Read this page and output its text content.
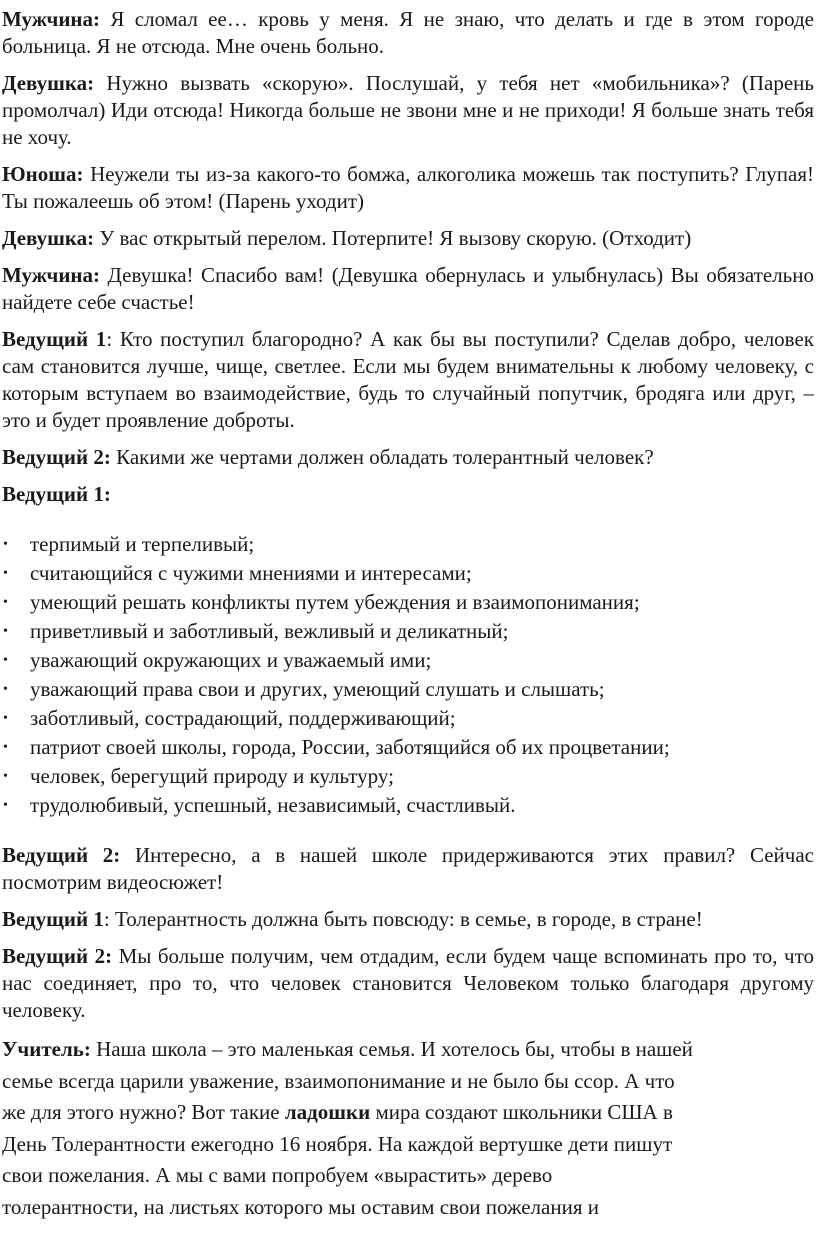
Мужчина: Я сломал ее… кровь у меня. Я не знаю, что делать и где в этом городе больница. Я не отсюда. Мне очень больно.

Девушка: Нужно вызвать «скорую». Послушай, у тебя нет «мобильника»? (Парень промолчал) Иди отсюда! Никогда больше не звони мне и не приходи! Я больше знать тебя не хочу.

Юноша: Неужели ты из-за какого-то бомжа, алкоголика можешь так поступить? Глупая! Ты пожалеешь об этом! (Парень уходит)

Девушка: У вас открытый перелом. Потерпите! Я вызову скорую. (Отходит)

Мужчина: Девушка! Спасибо вам! (Девушка обернулась и улыбнулась) Вы обязательно найдете себе счастье!

Ведущий 1: Кто поступил благородно? А как бы вы поступили? Сделав добро, человек сам становится лучше, чище, светлее. Если мы будем внимательны к любому человеку, с которым вступаем во взаимодействие, будь то случайный попутчик, бродяга или друг, – это и будет проявление доброты.

Ведущий 2: Какими же чертами должен обладать толерантный человек?

Ведущий 1:

• терпимый и терпеливый;
• считающийся с чужими мнениями и интересами;
• умеющий решать конфликты путем убеждения и взаимопонимания;
• приветливый и заботливый, вежливый и деликатный;
• уважающий окружающих и уважаемый ими;
• уважающий права свои и других, умеющий слушать и слышать;
• заботливый, сострадающий, поддерживающий;
• патриот своей школы, города, России, заботящийся об их процветании;
• человек, берегущий природу и культуру;
• трудолюбивый, успешный, независимый, счастливый.

Ведущий 2: Интересно, а в нашей школе придерживаются этих правил? Сейчас посмотрим видеосюжет!

Ведущий 1: Толерантность должна быть повсюду: в семье, в городе, в стране!

Ведущий 2: Мы больше получим, чем отдадим, если будем чаще вспоминать про то, что нас соединяет, про то, что человек становится Человеком только благодаря другому человеку.

Учитель: Наша школа – это маленькая семья. И хотелось бы, чтобы в нашей
семье всегда царили уважение, взаимопонимание и не было бы ссор. А что
же для этого нужно? Вот такие ладошки мира создают школьники США в
День Толерантности ежегодно 16 ноября. На каждой вертушке дети пишут
свои пожелания. А мы с вами попробуем «вырастить» дерево
толерантности, на листьях которого мы оставим свои пожелания и
